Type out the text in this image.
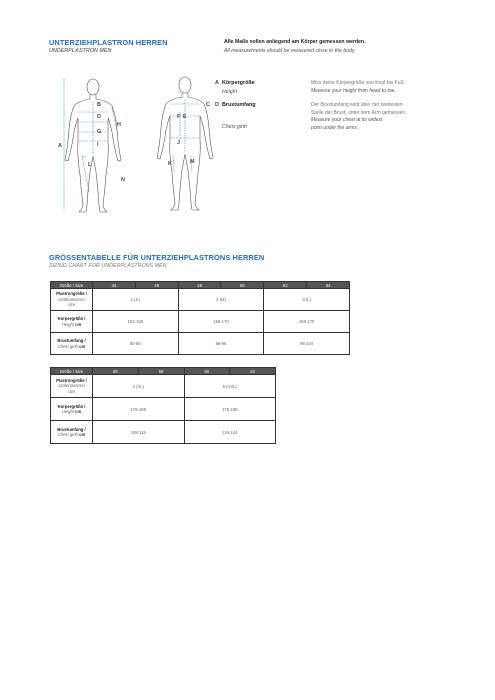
UNTERZIEHPLASTRON HERREN
UNDERPLASTRON MEN
Alle Maße sollen anliegend am Körper gemessen werden.
All measurements should be measured close to the body.
A
B
D
G
I
H
L
N
C
F E
J
K	M
A Körpergröße
Height
Miss deine Körpergröße von Kopf bis Fuß.
Measure your height from head to toe.
D Brustumfang
Chest girth
Der Brustumfang wird über der breitesten
Stelle der Brust, unter dem Arm gemessen.
Measure your chest at its widest
point under the arms.
GRÖSSENTABELLE FÜR UNTERZIEHPLASTRONS HERREN
SIZING CHART FOR UNDERPLASTRONS MEN
Größe / Size	44	46	48	50	52	54
Plastrongröße /
Underplastron
size	1 (S)		2 (M)		3 (L)	
Körpergröße /
Height cm	152-158		158-170		158-170	
Brustumfang /
Chest girth cm	80-88		88-96		96-104	
Größe / Size	56	58	60	62
Plastrongröße /
Underplastron
size	4 (XL)		5 (XXL)	
Körpergröße /
Height cm	176-188		176-188	
Brustumfang /
Chest girth cm	108-116		116-124	
